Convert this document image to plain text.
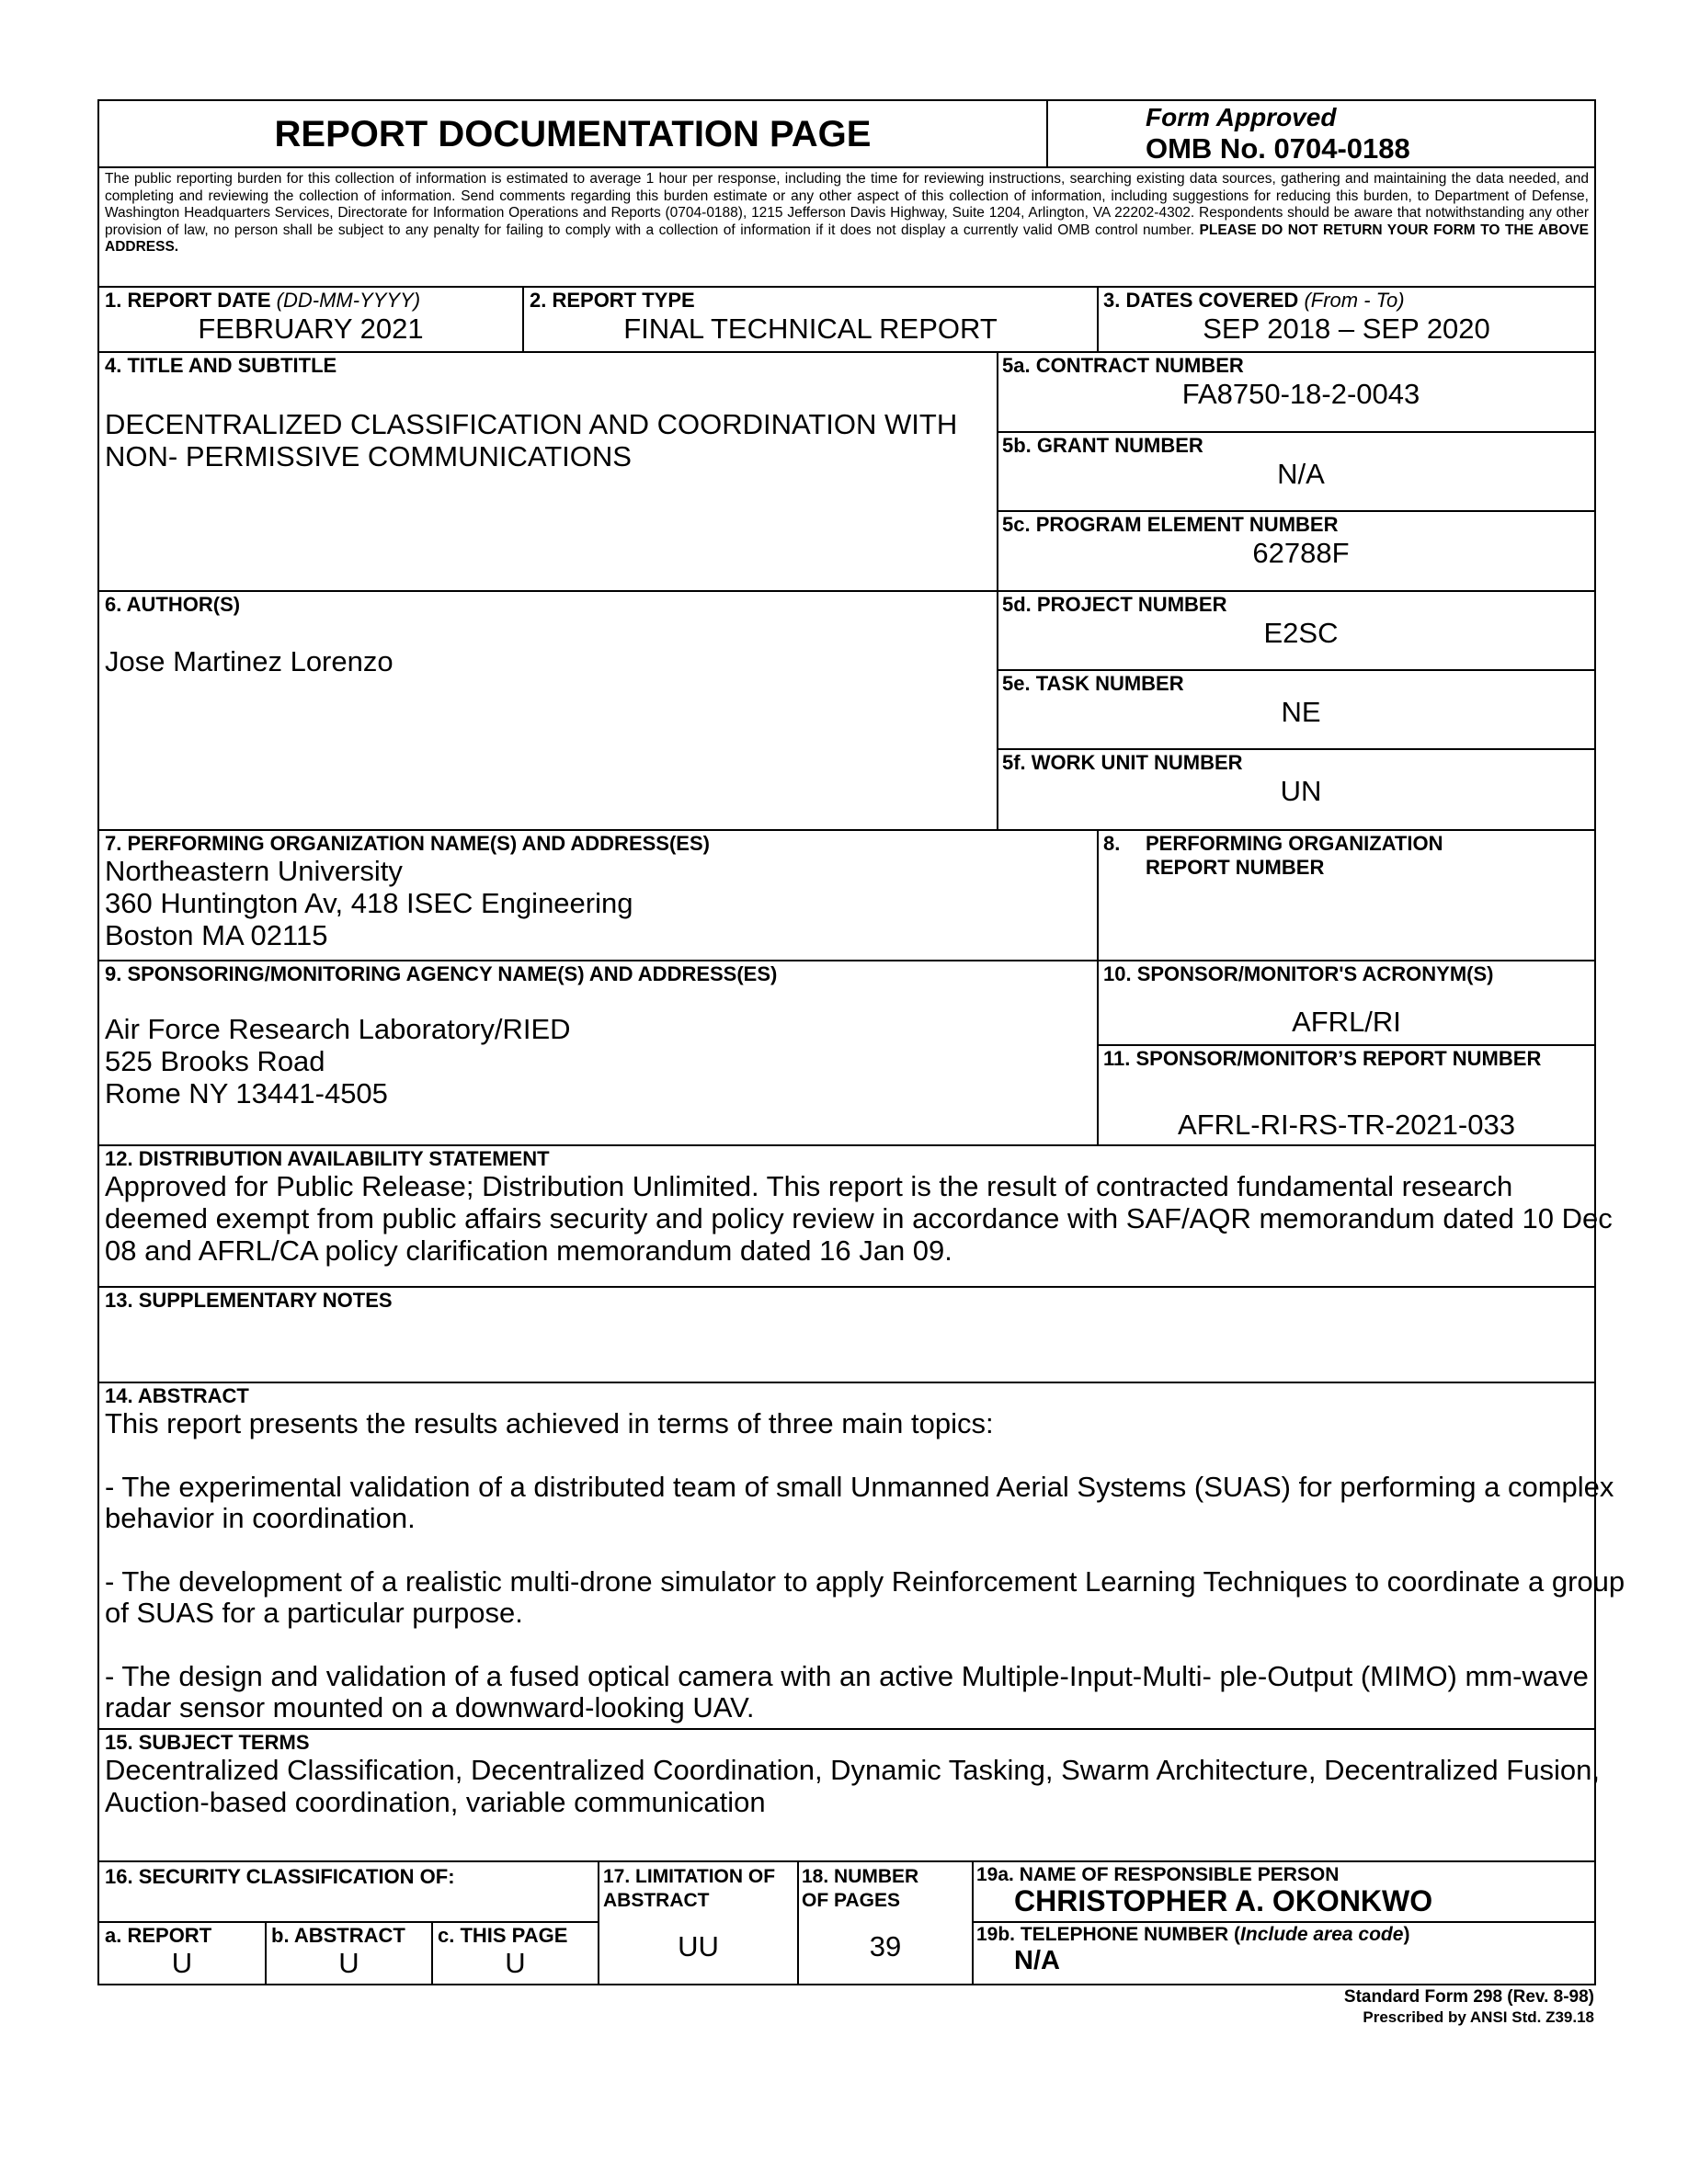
REPORT DOCUMENTATION PAGE	Form Approved
OMB No. 0704-0188
The public reporting burden for this collection of information is estimated to average 1 hour per response, including the time for reviewing instructions, searching existing data sources, gathering and maintaining the data needed, and completing and reviewing the collection of information. Send comments regarding this burden estimate or any other aspect of this collection of information, including suggestions for reducing this burden, to Department of Defense, Washington Headquarters Services, Directorate for Information Operations and Reports (0704-0188), 1215 Jefferson Davis Highway, Suite 1204, Arlington, VA 22202-4302. Respondents should be aware that notwithstanding any other provision of law, no person shall be subject to any penalty for failing to comply with a collection of information if it does not display a currently valid OMB control number. PLEASE DO NOT RETURN YOUR FORM TO THE ABOVE ADDRESS.
1. REPORT DATE (DD-MM-YYYY)
FEBRUARY 2021
2. REPORT TYPE
FINAL TECHNICAL REPORT
3. DATES COVERED (From - To)
SEP 2018 – SEP 2020
4. TITLE AND SUBTITLE
DECENTRALIZED CLASSIFICATION AND COORDINATION WITH
NON- PERMISSIVE COMMUNICATIONS
6. AUTHOR(S)
Jose Martinez Lorenzo
5a. CONTRACT NUMBER
FA8750-18-2-0043
5b. GRANT NUMBER
N/A
5c. PROGRAM ELEMENT NUMBER
62788F
5d. PROJECT NUMBER
E2SC
5e. TASK NUMBER
NE
5f. WORK UNIT NUMBER
UN
7. PERFORMING ORGANIZATION NAME(S) AND ADDRESS(ES)
Northeastern University
360 Huntington Av, 418 ISEC Engineering
Boston MA 02115
8. PERFORMING ORGANIZATION
REPORT NUMBER
9. SPONSORING/MONITORING AGENCY NAME(S) AND ADDRESS(ES)
Air Force Research Laboratory/RIED
525 Brooks Road
Rome NY 13441-4505
10. SPONSOR/MONITOR'S ACRONYM(S)
AFRL/RI
11. SPONSOR/MONITOR’S REPORT NUMBER
AFRL-RI-RS-TR-2021-033
12. DISTRIBUTION AVAILABILITY STATEMENT
Approved for Public Release; Distribution Unlimited. This report is the result of contracted fundamental research
deemed exempt from public affairs security and policy review in accordance with SAF/AQR memorandum dated 10 Dec
08 and AFRL/CA policy clarification memorandum dated 16 Jan 09.
13. SUPPLEMENTARY NOTES
14. ABSTRACT
This report presents the results achieved in terms of three main topics:
- The experimental validation of a distributed team of small Unmanned Aerial Systems (SUAS) for performing a complex
behavior in coordination.
- The development of a realistic multi-drone simulator to apply Reinforcement Learning Techniques to coordinate a group
of SUAS for a particular purpose.
- The design and validation of a fused optical camera with an active Multiple-Input-Multi- ple-Output (MIMO) mm-wave
radar sensor mounted on a downward-looking UAV.
15. SUBJECT TERMS
Decentralized Classification, Decentralized Coordination, Dynamic Tasking, Swarm Architecture, Decentralized Fusion,
Auction-based coordination, variable communication
16. SECURITY CLASSIFICATION OF:
a. REPORT
U
b. ABSTRACT
U
c. THIS PAGE
U
17. LIMITATION OF
ABSTRACT
UU
18. NUMBER
OF PAGES
39
19a. NAME OF RESPONSIBLE PERSON
CHRISTOPHER A. OKONKWO
19b. TELEPHONE NUMBER (Include area code)
N/A
Standard Form 298 (Rev. 8-98)
Prescribed by ANSI Std. Z39.18
